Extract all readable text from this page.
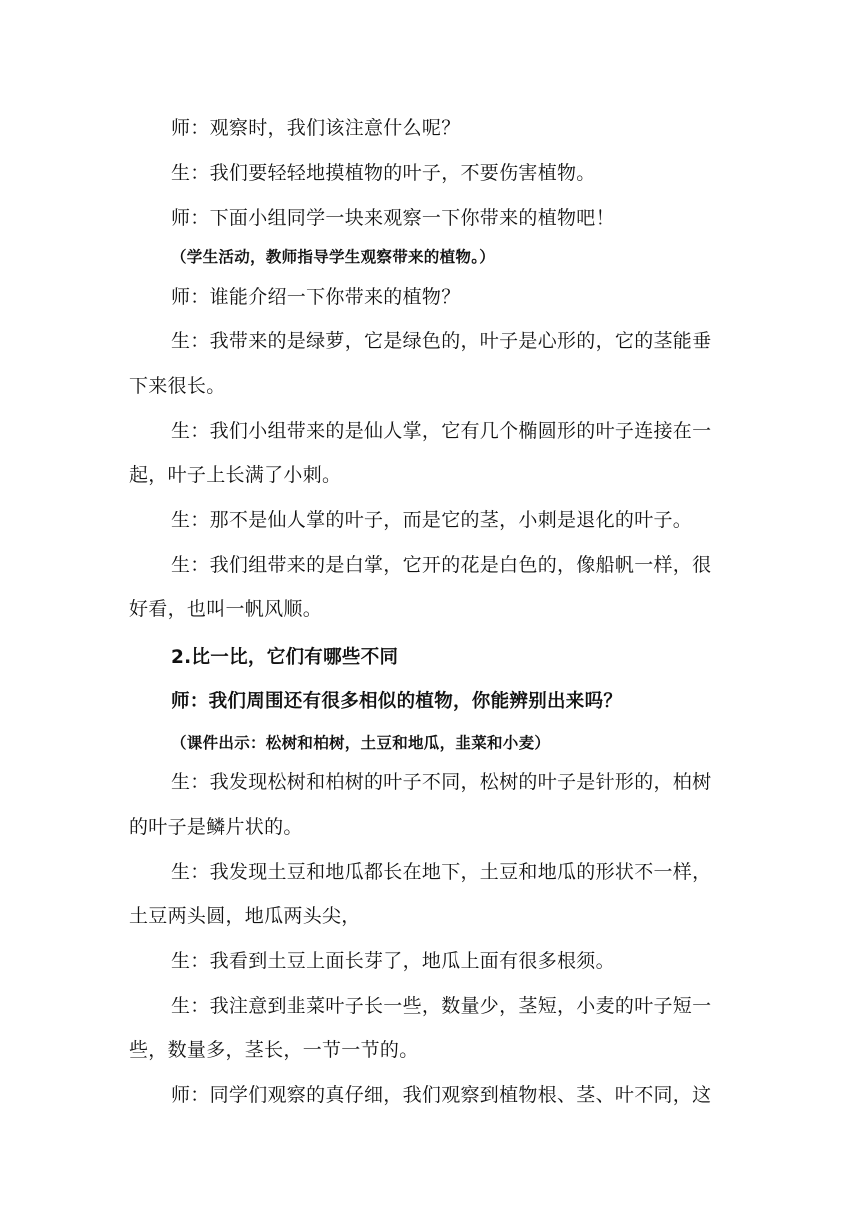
师：观察时，我们该注意什么呢？

生：我们要轻轻地摸植物的叶子，不要伤害植物。

师：下面小组同学一块来观察一下你带来的植物吧！

（学生活动，教师指导学生观察带来的植物。）

师：谁能介绍一下你带来的植物？

生：我带来的是绿萝，它是绿色的，叶子是心形的，它的茎能垂

下来很长。

生：我们小组带来的是仙人掌，它有几个椭圆形的叶子连接在一

起，叶子上长满了小刺。

生：那不是仙人掌的叶子，而是它的茎，小刺是退化的叶子。

生：我们组带来的是白掌，它开的花是白色的，像船帆一样，很

好看，也叫一帆风顺。

2.比一比，它们有哪些不同

师：我们周围还有很多相似的植物，你能辨别出来吗？

（课件出示：松树和柏树，土豆和地瓜，韭菜和小麦）

生：我发现松树和柏树的叶子不同，松树的叶子是针形的，柏树

的叶子是鳞片状的。

生：我发现土豆和地瓜都长在地下，土豆和地瓜的形状不一样，

土豆两头圆，地瓜两头尖，

生：我看到土豆上面长芽了，地瓜上面有很多根须。

生：我注意到韭菜叶子长一些，数量少，茎短，小麦的叶子短一

些，数量多，茎长，一节一节的。

师：同学们观察的真仔细，我们观察到植物根、茎、叶不同，这
